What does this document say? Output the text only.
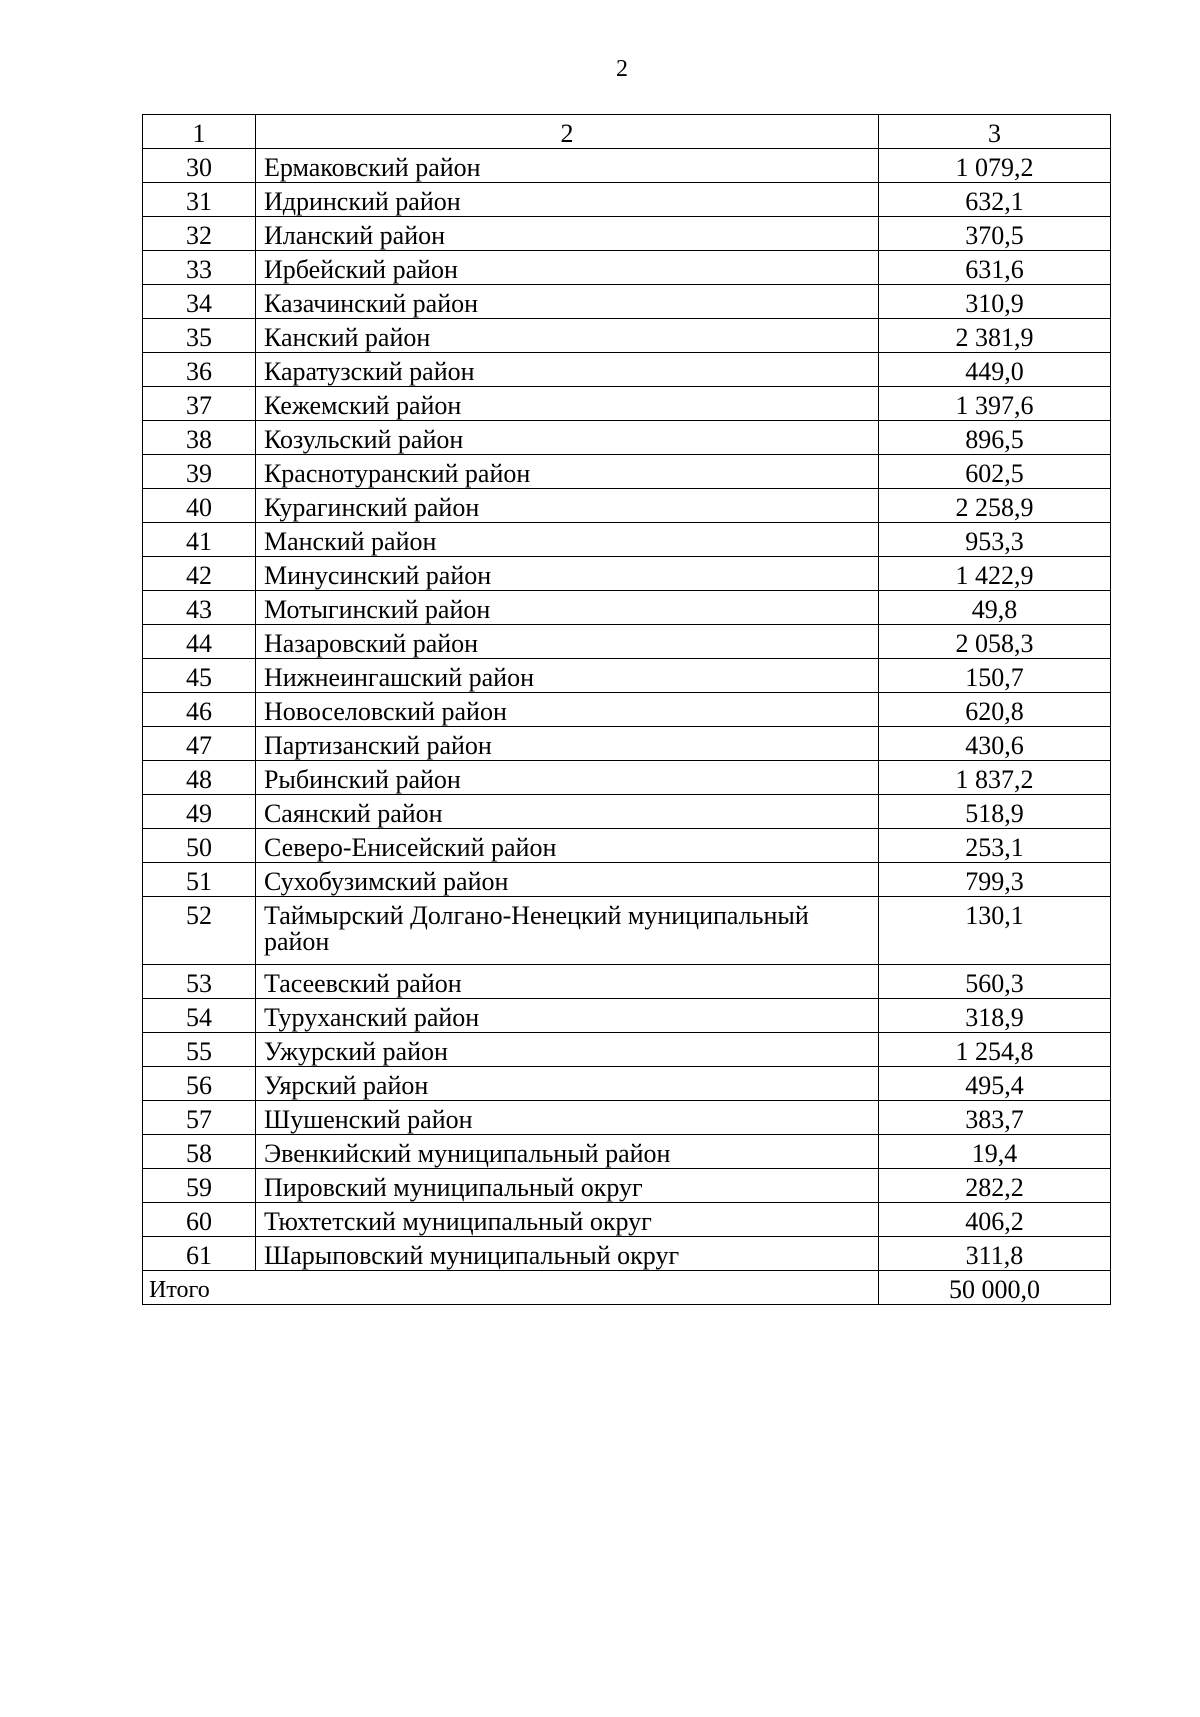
2
1	2	3
30	Ермаковский район	1 079,2
31	Идринский район	632,1
32	Иланский район	370,5
33	Ирбейский район	631,6
34	Казачинский район	310,9
35	Канский район	2 381,9
36	Каратузский район	449,0
37	Кежемский район	1 397,6
38	Козульский район	896,5
39	Краснотуранский район	602,5
40	Курагинский район	2 258,9
41	Манский район	953,3
42	Минусинский район	1 422,9
43	Мотыгинский район	49,8
44	Назаровский район	2 058,3
45	Нижнеингашский район	150,7
46	Новоселовский район	620,8
47	Партизанский район	430,6
48	Рыбинский район	1 837,2
49	Саянский район	518,9
50	Северо-Енисейский район	253,1
51	Сухобузимский район	799,3
52	Таймырский Долгано-Ненецкий муниципальный район	130,1
53	Тасеевский район	560,3
54	Туруханский район	318,9
55	Ужурский район	1 254,8
56	Уярский район	495,4
57	Шушенский район	383,7
58	Эвенкийский муниципальный район	19,4
59	Пировский муниципальный округ	282,2
60	Тюхтетский муниципальный округ	406,2
61	Шарыповский муниципальный округ	311,8
Итого		50 000,0
